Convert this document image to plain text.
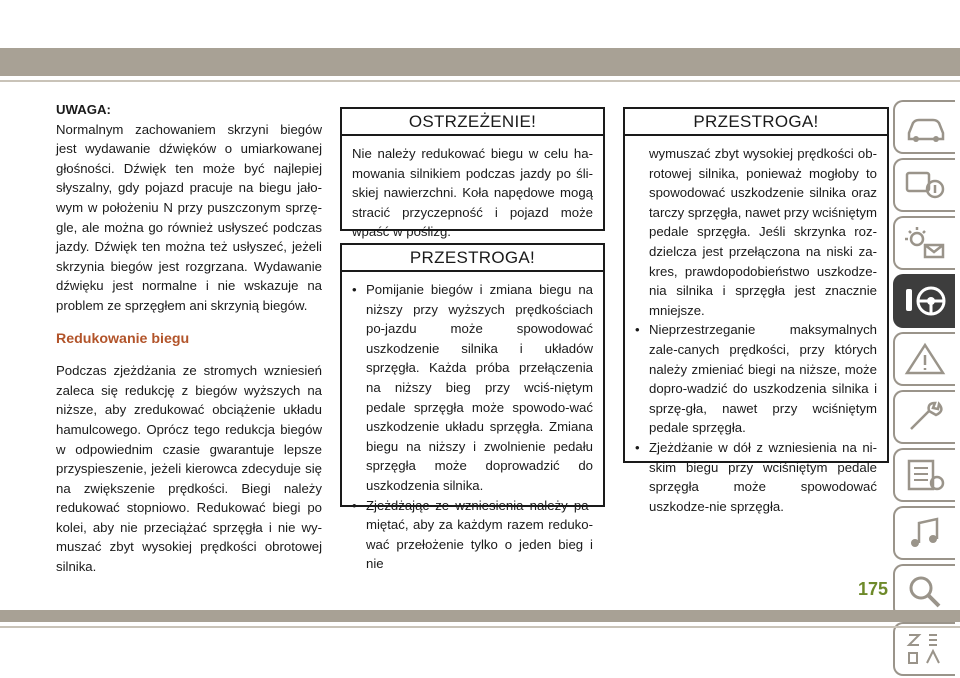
UWAGA:
Normalnym zachowaniem skrzyni biegów jest wydawanie dźwięków o umiarkowanej głośności. Dźwięk ten może być najlepiej słyszalny, gdy pojazd pracuje na biegu jało-wym w położeniu N przy puszczonym sprzę-gle, ale można go również usłyszeć podczas jazdy. Dźwięk ten można też usłyszeć, jeżeli skrzynia biegów jest rozgrzana. Wydawanie dźwięku jest normalne i nie wskazuje na problem ze sprzęgłem ani skrzynią biegów.
Redukowanie biegu
Podczas zjeżdżania ze stromych wzniesień zaleca się redukcję z biegów wyższych na niższe, aby zredukować obciążenie układu hamulcowego. Oprócz tego redukcja biegów w odpowiednim czasie gwarantuje lepsze przyspieszenie, jeżeli kierowca zdecyduje się na zwiększenie prędkości. Biegi należy redukować stopniowo. Redukować biegi po kolei, aby nie przeciążać sprzęgła i nie wy-muszać zbyt wysokiej prędkości obrotowej silnika.
OSTRZEŻENIE!
Nie należy redukować biegu w celu ha-mowania silnikiem podczas jazdy po śli-skiej nawierzchni. Koła napędowe mogą stracić przyczepność i pojazd może wpaść w poślizg.
PRZESTROGA!
• Pomijanie biegów i zmiana biegu na niższy przy wyższych prędkościach po-jazdu może spowodować uszkodzenie silnika i układów sprzęgła. Każda próba przełączenia na niższy bieg przy wciś-niętym pedale sprzęgła może spowodo-wać uszkodzenie układu sprzęgła. Zmiana biegu na niższy i zwolnienie pedału sprzęgła może doprowadzić do uszkodzenia silnika.
• Zjeżdżając ze wzniesienia należy pa-miętać, aby za każdym razem reduko-wać przełożenie tylko o jeden bieg i nie
PRZESTROGA!
wymuszać zbyt wysokiej prędkości ob-rotowej silnika, ponieważ mogłoby to spowodować uszkodzenie silnika oraz tarczy sprzęgła, nawet przy wciśniętym pedale sprzęgła. Jeśli skrzynka roz-dzielcza jest przełączona na niski za-kres, prawdopodobieństwo uszkodze-nia silnika i sprzęgła jest znacznie mniejsze.
• Nieprzestrzeganie maksymalnych zale-canych prędkości, przy których należy zmieniać biegi na niższe, może dopro-wadzić do uszkodzenia silnika i sprzę-gła, nawet przy wciśniętym pedale sprzęgła.
• Zjeżdżanie w dół z wzniesienia na ni-skim biegu przy wciśniętym pedale sprzęgła może spowodować uszkodze-nie sprzęgła.
175
